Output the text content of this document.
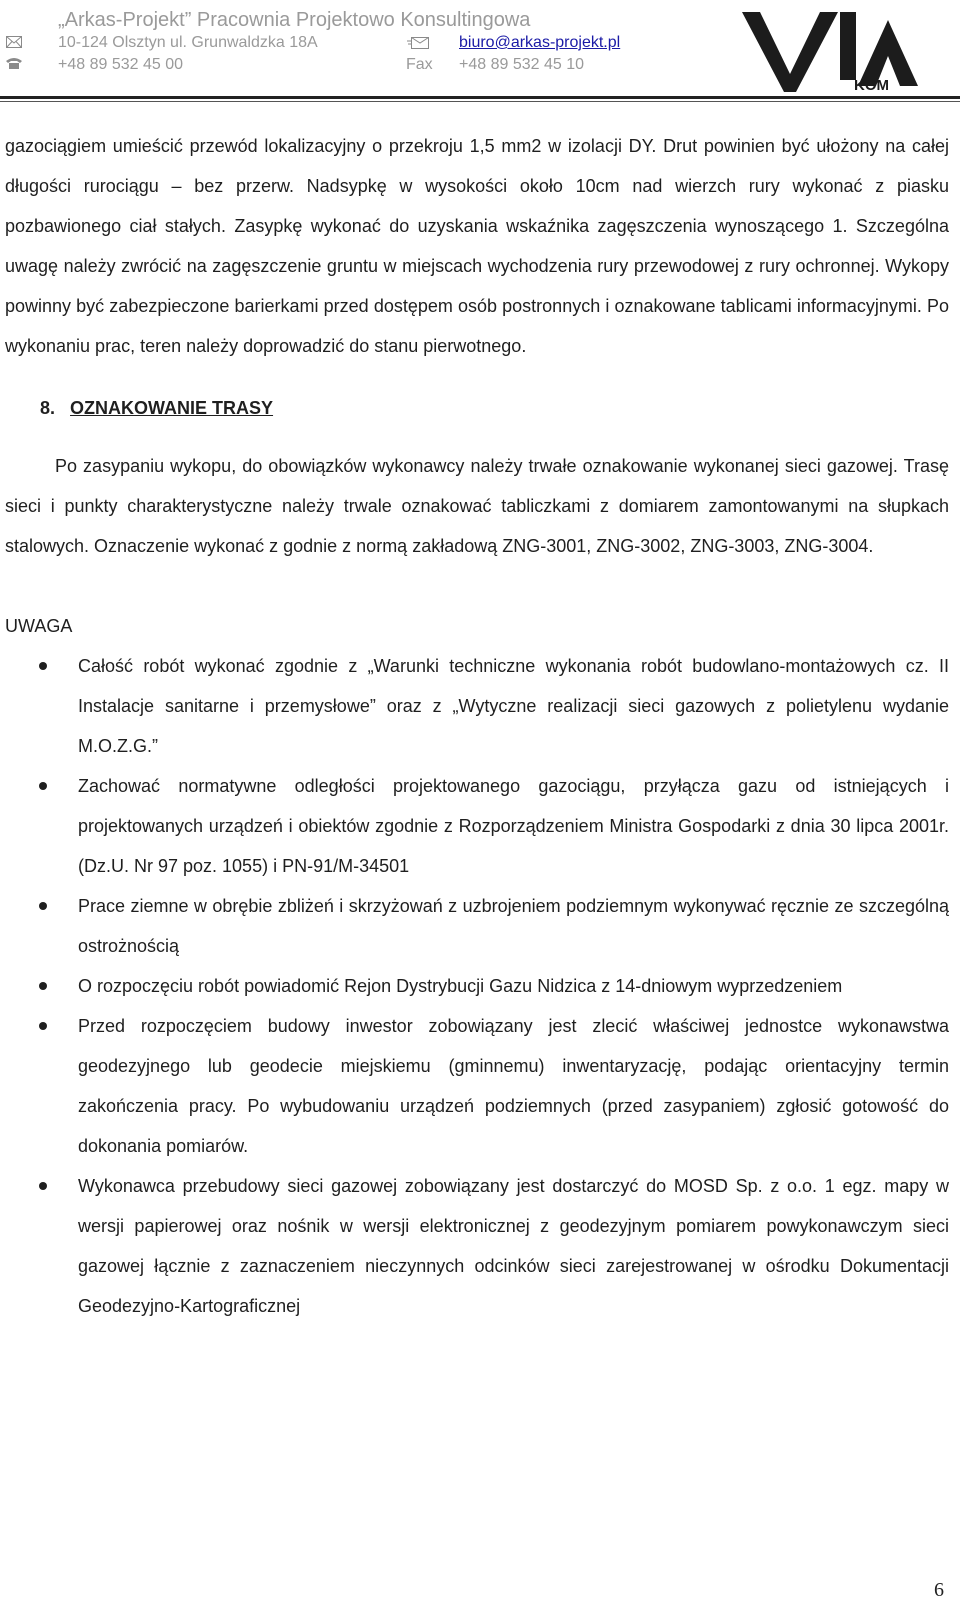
„Arkas-Projekt” Pracownia Projektowo Konsultingowa
10-124 Olsztyn ul. Grunwaldzka 18A	biuro@arkas-projekt.pl
+48 89 532 45 00	Fax +48 89 532 45 10
KOM

gazociągiem umieścić przewód lokalizacyjny o przekroju 1,5 mm2 w izolacji DY. Drut powinien być ułożony na całej długości rurociągu – bez przerw. Nadsypkę w wysokości około 10cm nad wierzch rury wykonać z piasku pozbawionego ciał stałych. Zasypkę wykonać do uzyskania wskaźnika zagęszczenia wynoszącego 1. Szczególna uwagę należy zwrócić na zagęszczenie gruntu w miejscach wychodzenia rury przewodowej z rury ochronnej. Wykopy powinny być zabezpieczone barierkami przed dostępem osób postronnych i oznakowane tablicami informacyjnymi. Po wykonaniu prac, teren należy doprowadzić do stanu pierwotnego.

8. OZNAKOWANIE TRASY

Po zasypaniu wykopu, do obowiązków wykonawcy należy trwałe oznakowanie wykonanej sieci gazowej. Trasę sieci i punkty charakterystyczne należy trwale oznakować tabliczkami z domiarem zamontowanymi na słupkach stalowych. Oznaczenie wykonać z godnie z normą zakładową ZNG-3001, ZNG-3002, ZNG-3003, ZNG-3004.

UWAGA

Całość robót wykonać zgodnie z „Warunki techniczne wykonania robót budowlano-montażowych cz. II Instalacje sanitarne i przemysłowe” oraz z „Wytyczne realizacji sieci gazowych z polietylenu wydanie M.O.Z.G.”
Zachować normatywne odległości projektowanego gazociągu, przyłącza gazu od istniejących i projektowanych urządzeń i obiektów zgodnie z Rozporządzeniem Ministra Gospodarki z dnia 30 lipca 2001r. (Dz.U. Nr 97 poz. 1055) i PN-91/M-34501
Prace ziemne w obrębie zbliżeń i skrzyżowań z uzbrojeniem podziemnym wykonywać ręcznie ze szczególną ostrożnością
O rozpoczęciu robót powiadomić Rejon Dystrybucji Gazu Nidzica z 14-dniowym wyprzedzeniem
Przed rozpoczęciem budowy inwestor zobowiązany jest zlecić właściwej jednostce wykonawstwa geodezyjnego lub geodecie miejskiemu (gminnemu) inwentaryzację, podając orientacyjny termin zakończenia pracy. Po wybudowaniu urządzeń podziemnych (przed zasypaniem) zgłosić gotowość do dokonania pomiarów.
Wykonawca przebudowy sieci gazowej zobowiązany jest dostarczyć do MOSD Sp. z o.o. 1 egz. mapy w wersji papierowej oraz nośnik w wersji elektronicznej z geodezyjnym pomiarem powykonawczym sieci gazowej łącznie z zaznaczeniem nieczynnych odcinków sieci zarejestrowanej w ośrodku Dokumentacji Geodezyjno-Kartograficznej
6
